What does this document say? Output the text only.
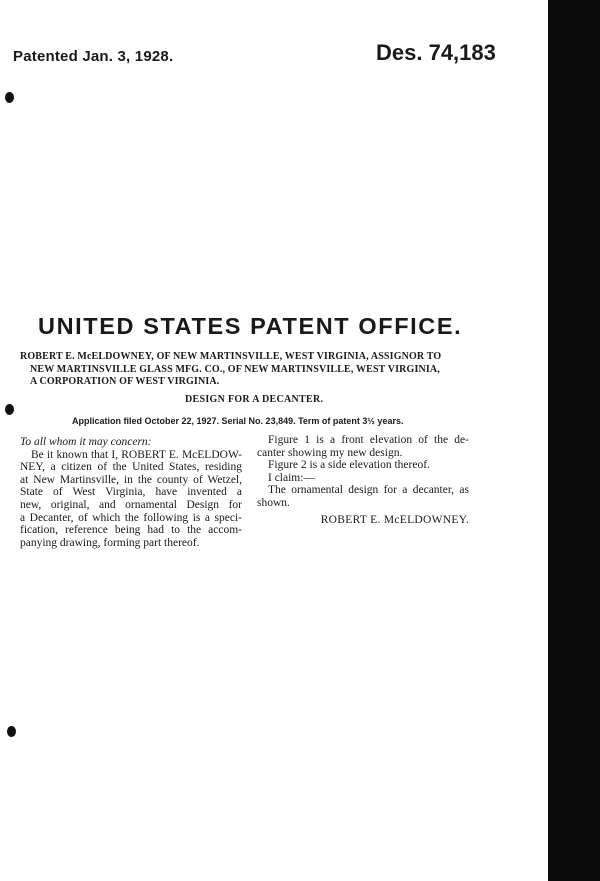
Patented Jan. 3, 1928.	Des. 74,183
UNITED STATES PATENT OFFICE.
ROBERT E. McELDOWNEY, OF NEW MARTINSVILLE, WEST VIRGINIA, ASSIGNOR TO
NEW MARTINSVILLE GLASS MFG. CO., OF NEW MARTINSVILLE, WEST VIRGINIA,
A CORPORATION OF WEST VIRGINIA.
DESIGN FOR A DECANTER.
Application filed October 22, 1927. Serial No. 23,849. Term of patent 3½ years.

To all whom it may concern:

Be it known that I, ROBERT E. McELDOW-

NEY, a citizen of the United States, residing

at New Martinsville, in the county of Wetzel,

State of West Virginia, have invented a

new, original, and ornamental Design for

a Decanter, of which the following is a speci-

fication, reference being had to the accom-

panying drawing, forming part thereof.

Figure 1 is a front elevation of the de-

canter showing my new design.

Figure 2 is a side elevation thereof.

I claim:—

The ornamental design for a decanter, as

shown.

ROBERT E. McELDOWNEY.
